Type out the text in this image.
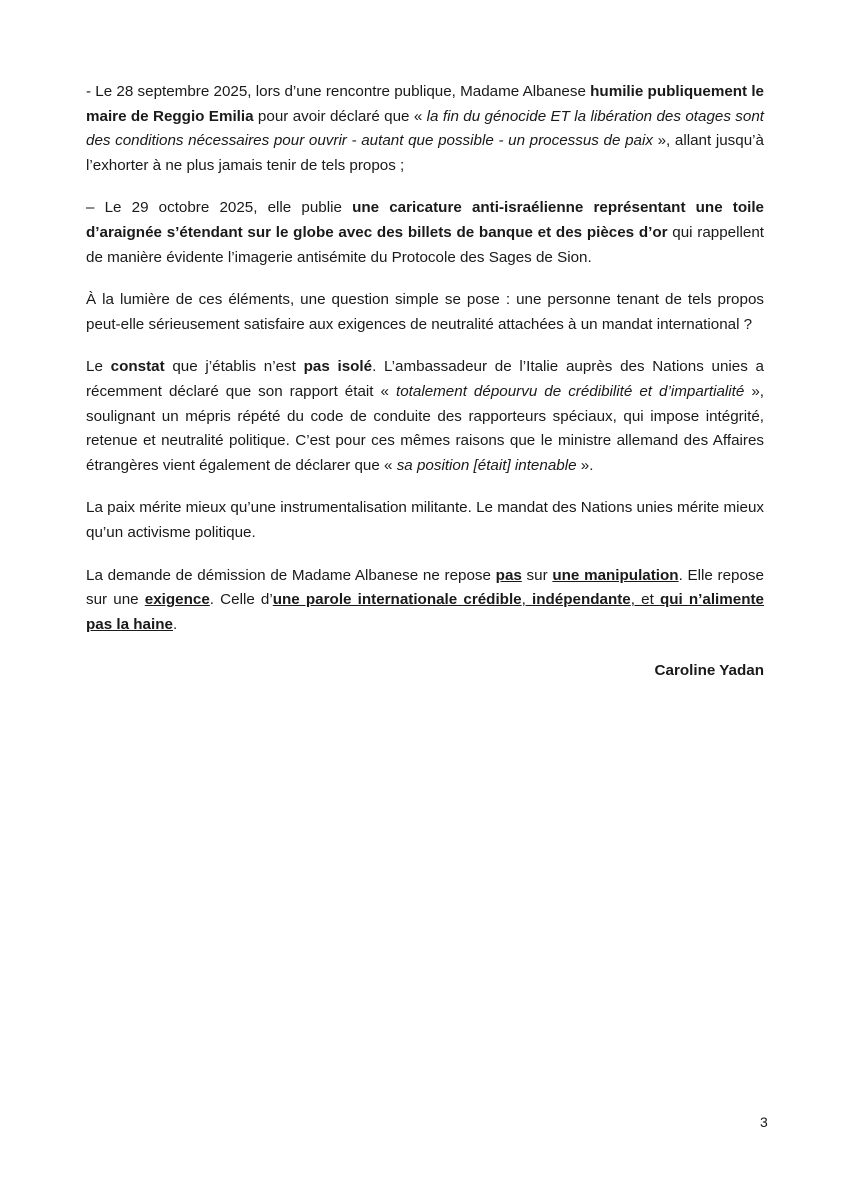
- Le 28 septembre 2025, lors d’une rencontre publique, Madame Albanese humilie publiquement le maire de Reggio Emilia pour avoir déclaré que « la fin du génocide ET la libération des otages sont des conditions nécessaires pour ouvrir - autant que possible - un processus de paix », allant jusqu’à l’exhorter à ne plus jamais tenir de tels propos ;

– Le 29 octobre 2025, elle publie une caricature anti-israélienne représentant une toile d’araignée s’étendant sur le globe avec des billets de banque et des pièces d’or qui rappellent de manière évidente l’imagerie antisémite du Protocole des Sages de Sion.

À la lumière de ces éléments, une question simple se pose : une personne tenant de tels propos peut-elle sérieusement satisfaire aux exigences de neutralité attachées à un mandat international ?

Le constat que j’établis n’est pas isolé. L’ambassadeur de l’Italie auprès des Nations unies a récemment déclaré que son rapport était « totalement dépourvu de crédibilité et d’impartialité », soulignant un mépris répété du code de conduite des rapporteurs spéciaux, qui impose intégrité, retenue et neutralité politique. C’est pour ces mêmes raisons que le ministre allemand des Affaires étrangères vient également de déclarer que « sa position [était] intenable ».

La paix mérite mieux qu’une instrumentalisation militante. Le mandat des Nations unies mérite mieux qu’un activisme politique.

La demande de démission de Madame Albanese ne repose pas sur une manipulation. Elle repose sur une exigence. Celle d’une parole internationale crédible, indépendante, et qui n’alimente pas la haine.

Caroline Yadan
3
